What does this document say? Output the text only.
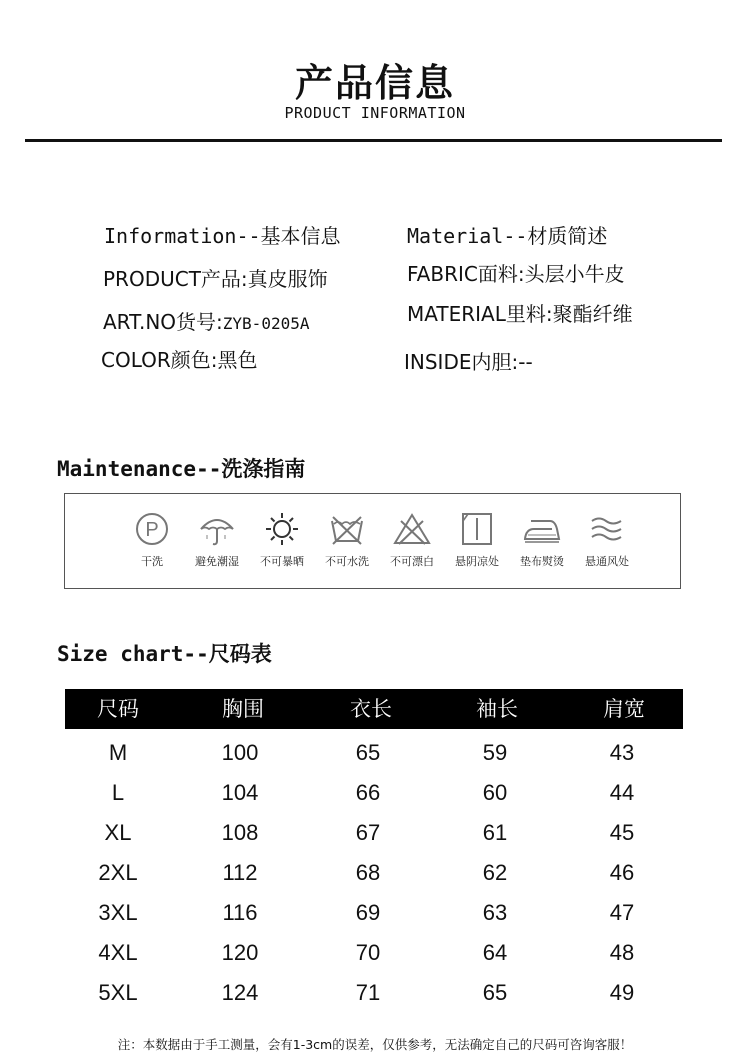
产品信息
PRODUCT INFORMATION
Information--基本信息
PRODUCT产品:真皮服饰
ART.NO货号:ZYB-0205A
COLOR颜色:黑色
Material--材质简述
FABRIC面料:头层小牛皮
MATERIAL里料:聚酯纤维
INSIDE内胆:--
Maintenance--洗涤指南
P
干洗	避免潮湿	不可暴晒	不可水洗	不可漂白	悬阴凉处	垫布熨烫	悬通风处
Size chart--尺码表
尺码	胸围	衣长	袖长	肩宽
M	100	65	59	43
L	104	66	60	44
XL	108	67	61	45
2XL	112	68	62	46
3XL	116	69	63	47
4XL	120	70	64	48
5XL	124	71	65	49
注：本数据由于手工测量，会有1-3cm的误差，仅供参考，无法确定自己的尺码可咨询客服！
